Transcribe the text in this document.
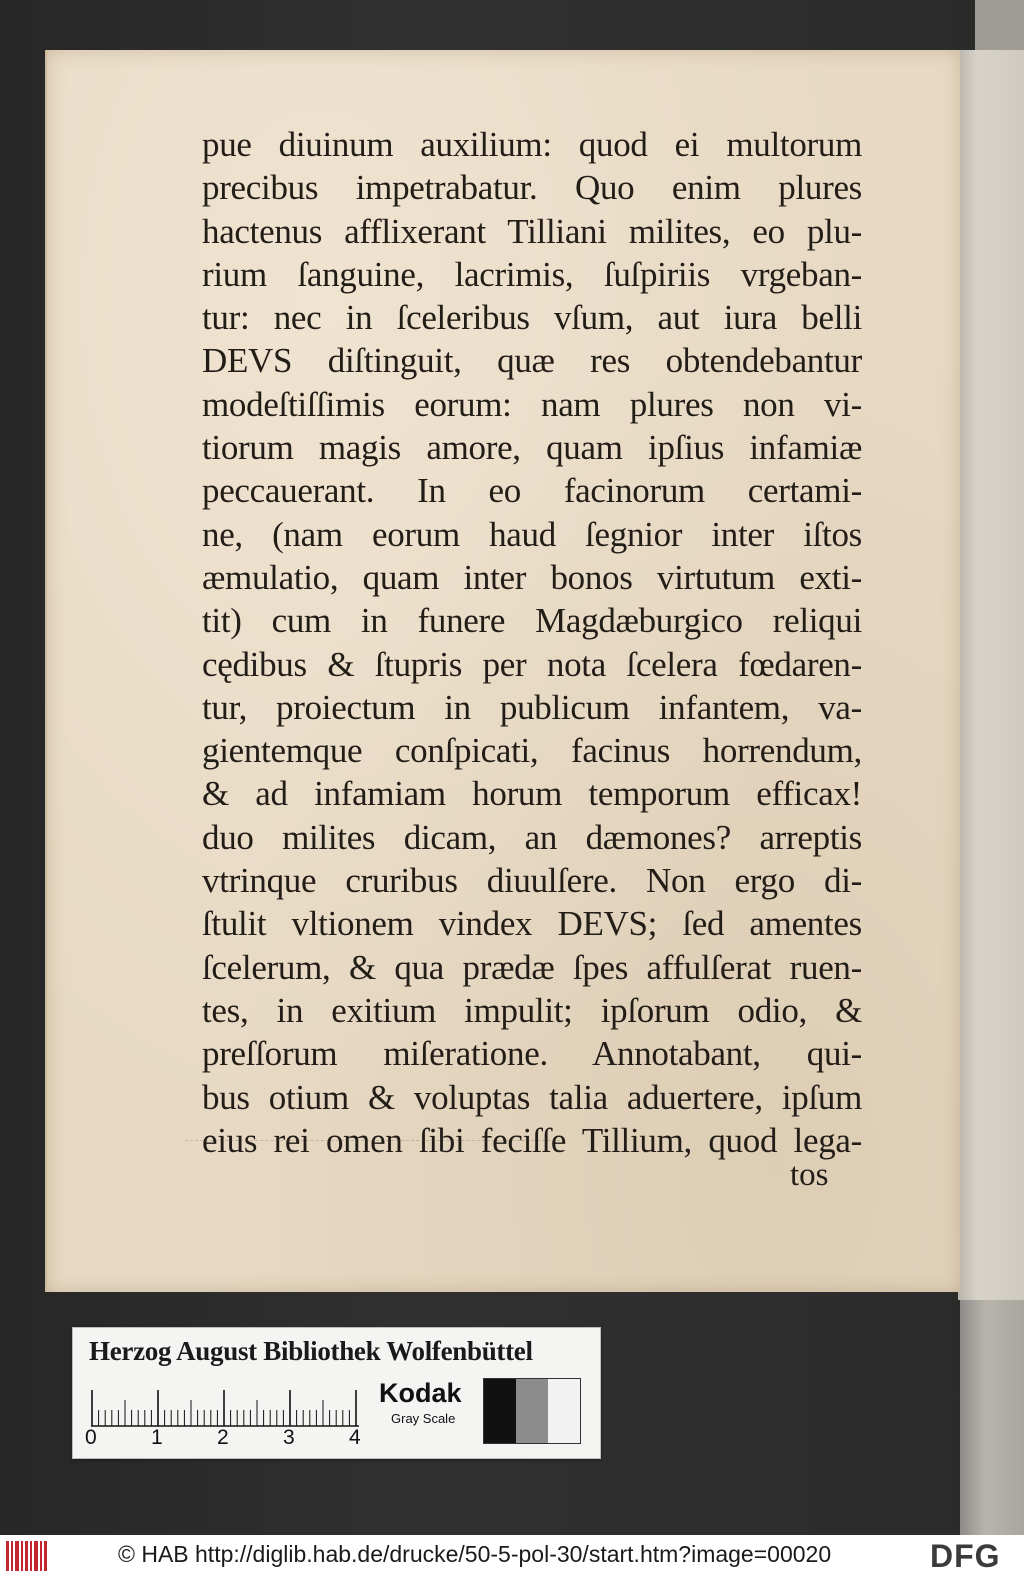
pue diuinum auxilium: quod ei multorum
precibus impetrabatur. Quo enim plures
hactenus afflixerant Tilliani milites, eo plu-
rium ſanguine, lacrimis, ſuſpiriis vrgeban-
tur: nec in ſceleribus vſum, aut iura belli
DEVS diſtinguit, quæ res obtendebantur
modeſtiſſimis eorum: nam plures non vi-
tiorum magis amore, quam ipſius infamiæ
peccauerant. In eo facinorum certami-
ne, (nam eorum haud ſegnior inter iſtos
æmulatio, quam inter bonos virtutum exti-
tit) cum in funere Magdæburgico reliqui
cędibus & ſtupris per nota ſcelera fœdaren-
tur, proiectum in publicum infantem, va-
gientemque conſpicati, facinus horrendum,
& ad infamiam horum temporum efficax!
duo milites dicam, an dæmones? arreptis
vtrinque cruribus diuulſere. Non ergo di-
ſtulit vltionem vindex DEVS; ſed amentes
ſcelerum, & qua prædæ ſpes affulſerat ruen-
tes, in exitium impulit; ipſorum odio, &
preſſorum miſeratione. Annotabant, qui-
bus otium & voluptas talia aduertere, ipſum
eius rei omen ſibi feciſſe Tillium, quod lega-
tos
Herzog August Bibliothek Wolfenbüttel
0	1	2	3	4
Kodak
Gray Scale
© HAB http://diglib.hab.de/drucke/50-5-pol-30/start.htm?image=00020	DFG
